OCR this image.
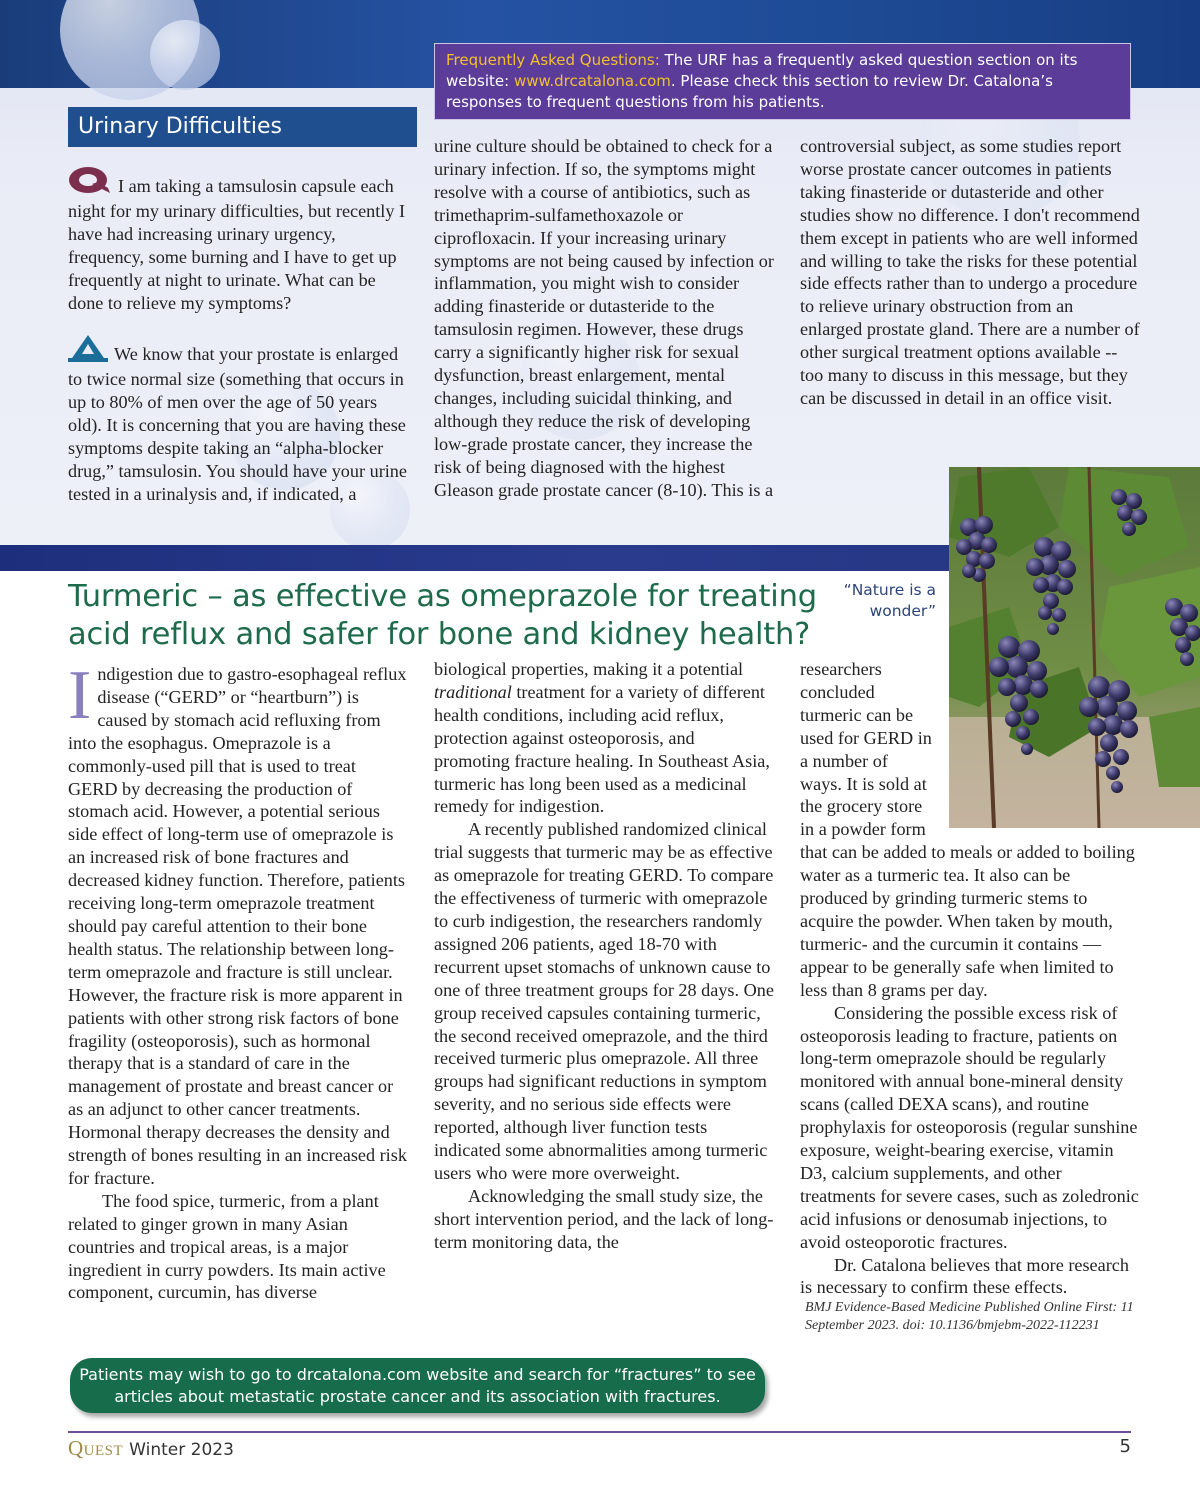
Frequently Asked Questions: The URF has a frequently asked question section on its website: www.drcatalona.com. Please check this section to review Dr. Catalona’s responses to frequent questions from his patients.
Urinary Difficulties

Q I am taking a tamsulosin capsule each night for my urinary difficulties, but recently I have had increasing urinary urgency, frequency, some burning and I have to get up frequently at night to urinate. What can be done to relieve my symptoms?

A We know that your prostate is enlarged to twice normal size (something that occurs in up to 80% of men over the age of 50 years old). It is concerning that you are having these symptoms despite taking an “alpha-blocker drug,” tamsulosin. You should have your urine tested in a urinalysis and, if indicated, a

urine culture should be obtained to check for a urinary infection. If so, the symptoms might resolve with a course of antibiotics, such as trimethaprim-sulfamethoxazole or ciprofloxacin. If your increasing urinary symptoms are not being caused by infection or inflammation, you might wish to consider adding finasteride or dutasteride to the tamsulosin regimen. However, these drugs carry a significantly higher risk for sexual dysfunction, breast enlargement, mental changes, including suicidal thinking, and although they reduce the risk of developing low-grade prostate cancer, they increase the risk of being diagnosed with the highest Gleason grade prostate cancer (8-10). This is a

controversial subject, as some studies report worse prostate cancer outcomes in patients taking finasteride or dutasteride and other studies show no difference. I don't recommend them except in patients who are well informed and willing to take the risks for these potential side effects rather than to undergo a procedure to relieve urinary obstruction from an enlarged prostate gland. There are a number of other surgical treatment options available -- too many to discuss in this message, but they can be discussed in detail in an office visit.

Turmeric – as effective as omeprazole for treating acid reflux and safer for bone and kidney health?
“Nature is a wonder”

Indigestion due to gastro-esophageal reflux disease (“GERD” or “heartburn”) is caused by stomach acid refluxing from into the esophagus. Omeprazole is a commonly-used pill that is used to treat GERD by decreasing the production of stomach acid. However, a potential serious side effect of long-term use of omeprazole is an increased risk of bone fractures and decreased kidney function. Therefore, patients receiving long-term omeprazole treatment should pay careful attention to their bone health status. The relationship between long-term omeprazole and fracture is still unclear. However, the fracture risk is more apparent in patients with other strong risk factors of bone fragility (osteoporosis), such as hormonal therapy that is a standard of care in the management of prostate and breast cancer or as an adjunct to other cancer treatments. Hormonal therapy decreases the density and strength of bones resulting in an increased risk for fracture.

The food spice, turmeric, from a plant related to ginger grown in many Asian countries and tropical areas, is a major ingredient in curry powders. Its main active component, curcumin, has diverse

biological properties, making it a potential traditional treatment for a variety of different health conditions, including acid reflux, protection against osteoporosis, and promoting fracture healing. In Southeast Asia, turmeric has long been used as a medicinal remedy for indigestion.

A recently published randomized clinical trial suggests that turmeric may be as effective as omeprazole for treating GERD. To compare the effectiveness of turmeric with omeprazole to curb indigestion, the researchers randomly assigned 206 patients, aged 18-70 with recurrent upset stomachs of unknown cause to one of three treatment groups for 28 days. One group received capsules containing turmeric, the second received omeprazole, and the third received turmeric plus omeprazole. All three groups had significant reductions in symptom severity, and no serious side effects were reported, although liver function tests indicated some abnormalities among turmeric users who were more overweight.

Acknowledging the small study size, the short intervention period, and the lack of long-term monitoring data, the

researchers
concluded
turmeric can be
used for GERD in
a number of
ways. It is sold at
the grocery store
in a powder form

that can be added to meals or added to boiling water as a turmeric tea. It also can be produced by grinding turmeric stems to acquire the powder. When taken by mouth, turmeric- and the curcumin it contains — appear to be generally safe when limited to less than 8 grams per day.

Considering the possible excess risk of osteoporosis leading to fracture, patients on long-term omeprazole should be regularly monitored with annual bone-mineral density scans (called DEXA scans), and routine prophylaxis for osteoporosis (regular sunshine exposure, weight-bearing exercise, vitamin D3, calcium supplements, and other treatments for severe cases, such as zoledronic acid infusions or denosumab injections, to avoid osteoporotic fractures.

Dr. Catalona believes that more research is necessary to confirm these effects.

BMJ Evidence-Based Medicine Published Online First: 11 September 2023. doi: 10.1136/bmjebm-2022-112231

Patients may wish to go to drcatalona.com website and search for “fractures” to see articles about metastatic prostate cancer and its association with fractures.
Quest Winter 2023	5
